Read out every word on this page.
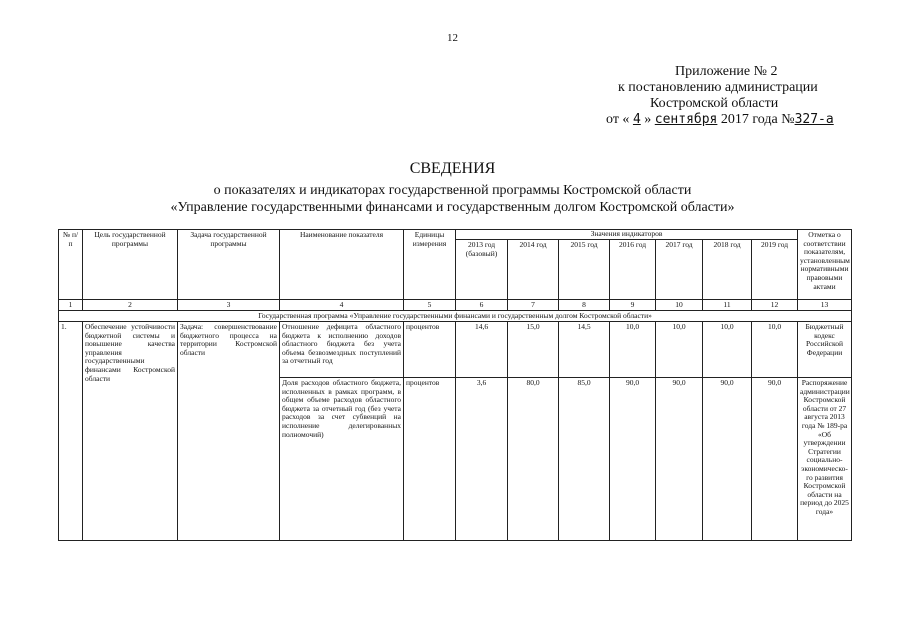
12
Приложение № 2
к постановлению администрации
Костромской области
от « 4 » сентября 2017 года №327-а
СВЕДЕНИЯ
о показателях и индикаторах государственной программы Костромской области
«Управление государственными финансами и государственным долгом Костромской области»
№ п/п	Цель государственной программы	Задача государственной программы	Наименование показателя	Единицы измерения	Значения индикаторов							Отметка о соответствии показателям, установленным нормативными правовыми актами
					2013 год (базовый)	2014 год	2015 год	2016 год	2017 год	2018 год	2019 год	
1	2	3	4	5	6	7	8	9	10	11	12	13
Государственная программа «Управление государственными финансами и государственным долгом Костромской области»												
1.	Обеспечение устойчивости бюджетной системы и повышение качества управления государственными финансами Костромской области	Задача: совершенствование бюджетного процесса на территории Костромской области	Отношение дефицита областного бюджета к исполнению доходов областного бюджета без учета объема безвозмездных поступлений за отчетный год	процентов	14,6	15,0	14,5	10,0	10,0	10,0	10,0	Бюджетный кодекс Российской Федерации
			Доля расходов областного бюджета, исполненных в рамках программ, в общем объеме расходов областного бюджета за отчетный год (без учета расходов за счет субвенций на исполнение делегированных полномочий)	процентов	3,6	80,0	85,0	90,0	90,0	90,0	90,0	Распоряжение администрации Костромской области от 27 августа 2013 года № 189-ра «Об утверждении Стратегии социально-экономическо-го развития Костромской области на период до 2025 года»
